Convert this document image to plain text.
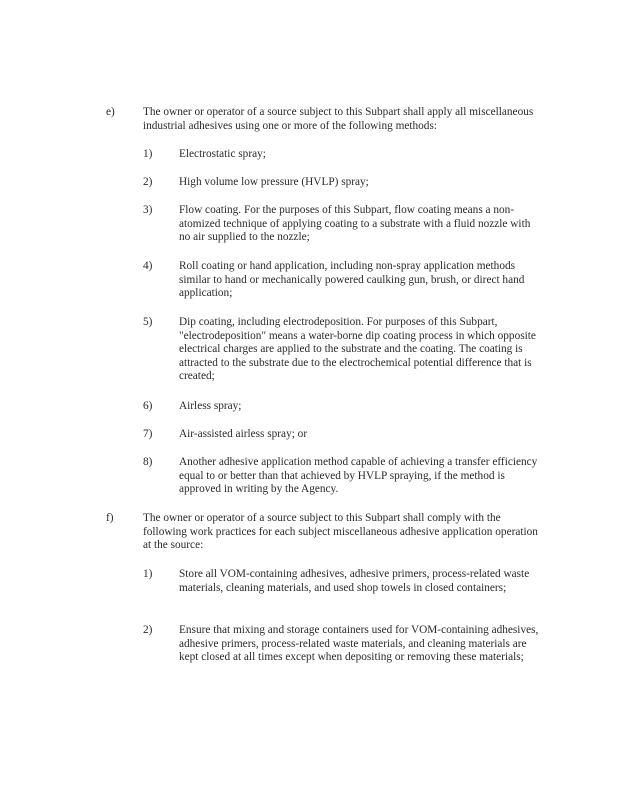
e) The owner or operator of a source subject to this Subpart shall apply all miscellaneous industrial adhesives using one or more of the following methods:
1) Electrostatic spray;
2) High volume low pressure (HVLP) spray;
3) Flow coating. For the purposes of this Subpart, flow coating means a non-atomized technique of applying coating to a substrate with a fluid nozzle with no air supplied to the nozzle;
4) Roll coating or hand application, including non-spray application methods similar to hand or mechanically powered caulking gun, brush, or direct hand application;
5) Dip coating, including electrodeposition. For purposes of this Subpart, "electrodeposition" means a water-borne dip coating process in which opposite electrical charges are applied to the substrate and the coating. The coating is attracted to the substrate due to the electrochemical potential difference that is created;
6) Airless spray;
7) Air-assisted airless spray; or
8) Another adhesive application method capable of achieving a transfer efficiency equal to or better than that achieved by HVLP spraying, if the method is approved in writing by the Agency.
f)	The owner or operator of a source subject to this Subpart shall comply with the following work practices for each subject miscellaneous adhesive application operation at the source:
1) Store all VOM-containing adhesives, adhesive primers, process-related waste materials, cleaning materials, and used shop towels in closed containers;
2) Ensure that mixing and storage containers used for VOM-containing adhesives, adhesive primers, process-related waste materials, and cleaning materials are kept closed at all times except when depositing or removing these materials;
